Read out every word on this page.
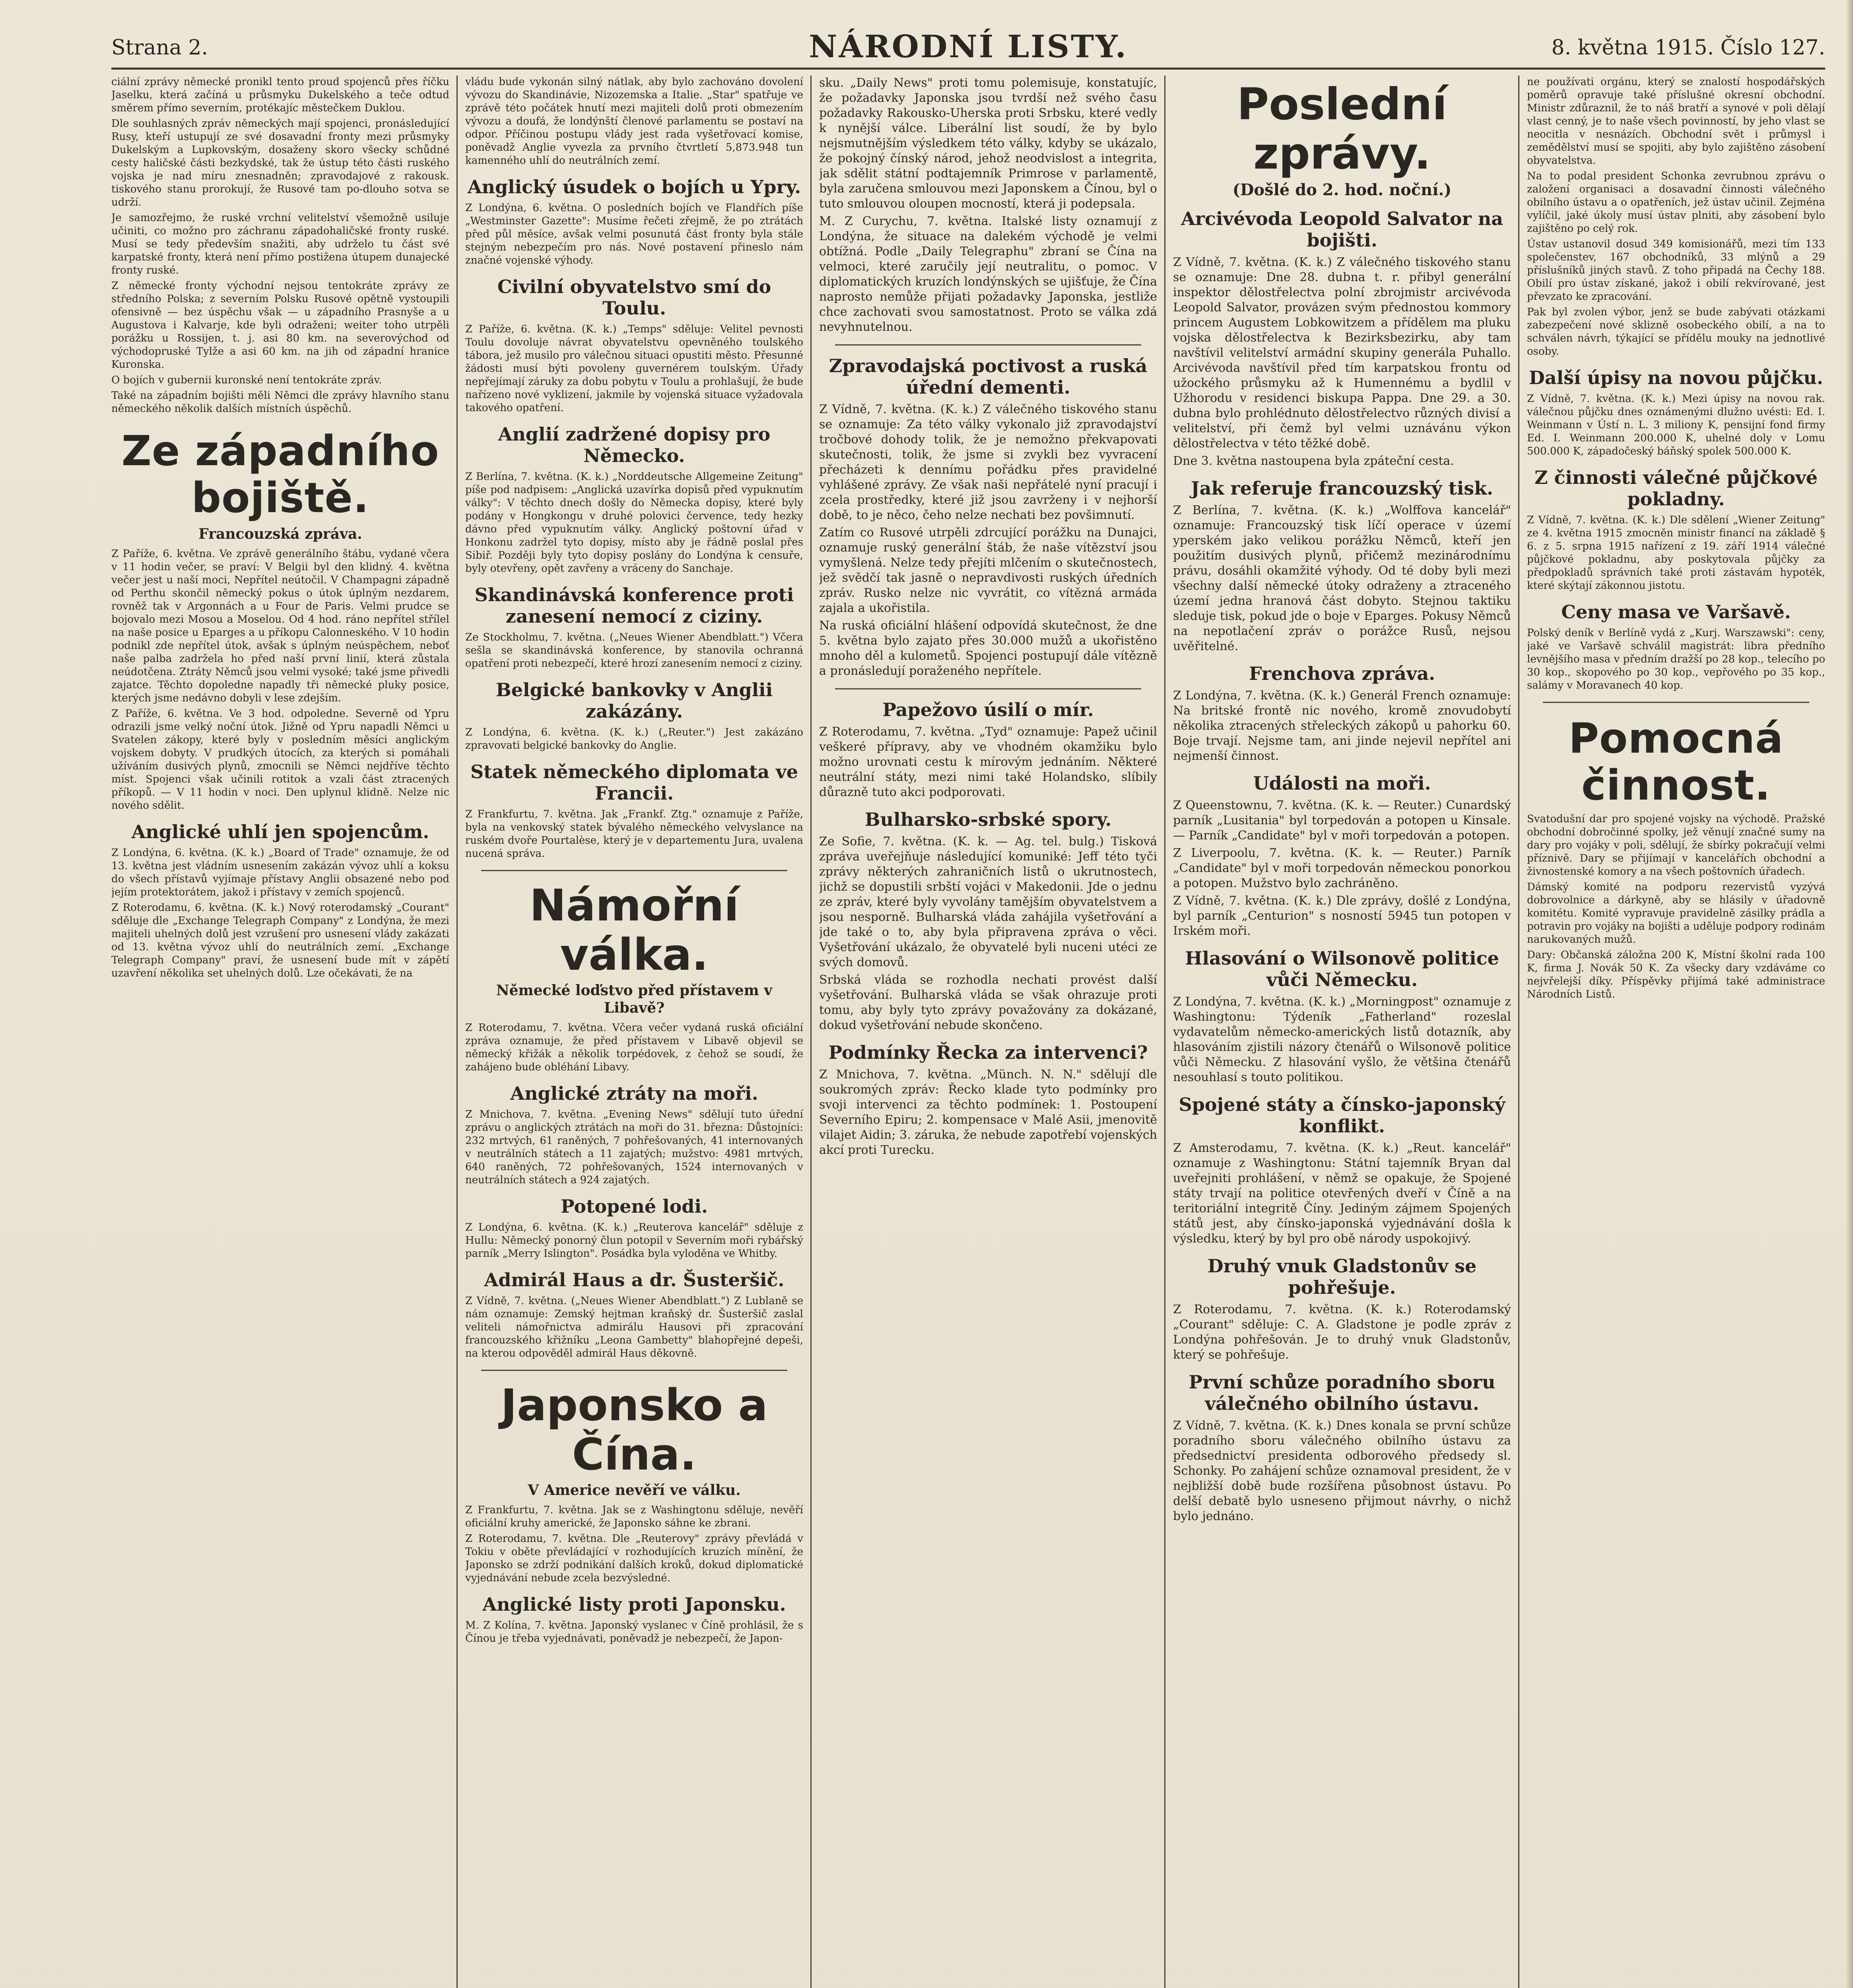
Strana 2.	NÁRODNÍ LISTY.	8. května 1915. Číslo 127.

ciální zprávy německé pronikl tento proud spojenců přes říčku Jaselku, která začíná u průsmyku Dukelského a teče odtud směrem přímo severním, protékajíc městečkem Duklou.

Dle souhlasných zpráv německých mají spojenci, pronásledující Rusy, kteří ustupují ze své dosavadní fronty mezi průsmyky Dukelským a Lupkovským, dosaženy skoro všecky schůdné cesty haličské části bezkydské, tak že ústup této části ruského vojska je nad míru znesnadněn; zpravodajové z rakousk. tiskového stanu prorokují, že Rusové tam po-dlouho sotva se udrží.

Je samozřejmo, že ruské vrchní velitelství všemožně usiluje učiniti, co možno pro záchranu západohaličské fronty ruské. Musí se tedy především snažiti, aby udrželo tu část své karpatské fronty, která není přímo postižena útupem dunajecké fronty ruské.

Z německé fronty východní nejsou tentokráte zprávy ze středního Polska; z severním Polsku Rusové opětně vystoupili ofensivně — bez úspěchu však — u západního Prasnyše a u Augustova i Kalvarje, kde byli odraženi; weiter toho utrpěli porážku u Rossijen, t. j. asi 80 km. na severovýchod od východopruské Tylže a asi 60 km. na jih od západní hranice Kuronska.

O bojích v gubernii kuronské není tentokráte zpráv.

Také na západním bojišti měli Němci dle zprávy hlavního stanu německého několik dalších místních úspěchů.

Ze západního bojiště.
Francouzská zpráva.

Z Paříže, 6. května. Ve zprávě generálního štábu, vydané včera v 11 hodin večer, se praví: V Belgii byl den klidný. 4. května večer jest u naší moci, Nepřítel neútočil. V Champagni západně od Perthu skončil německý pokus o útok úplným nezdarem, rovněž tak v Argonnách a u Four de Paris. Velmi prudce se bojovalo mezi Mosou a Moselou. Od 4 hod. ráno nepřítel střílel na naše posice u Eparges a u příkopu Calonneského. V 10 hodin podnikl zde nepřítel útok, avšak s úplným neúspěchem, neboť naše palba zadržela ho před naší první linií, která zůstala neúdotčena. Ztráty Němců jsou velmi vysoké; také jsme přivedli zajatce. Těchto dopoledne napadly tři německé pluky posice, kterých jsme nedávno dobyli v lese zdejším.

Z Paříže, 6. května. Ve 3 hod. odpoledne. Severně od Ypru odrazili jsme velký noční útok. Jižně od Ypru napadli Němci u Svatelen zákopy, které byly v posledním měsíci anglickým vojskem dobyty. V prudkých útocích, za kterých si pomáhali užíváním dusivých plynů, zmocnili se Němci nejdříve těchto míst. Spojenci však učinili rotitok a vzali část ztracených příkopů. — V 11 hodin v noci. Den uplynul klidně. Nelze nic nového sdělit.

Anglické uhlí jen spojencům.

Z Londýna, 6. května. (K. k.) „Board of Trade" oznamuje, že od 13. května jest vládním usnesením zakázán vývoz uhlí a koksu do všech přístavů vyjímaje přístavy Anglii obsazené nebo pod jejím protektorátem, jakož i přístavy v zemích spojenců.

Z Roterodamu, 6. května. (K. k.) Nový roterodamský „Courant" sděluje dle „Exchange Telegraph Company" z Londýna, že mezi majiteli uhelných dolů jest vzrušení pro usnesení vlády zakázati od 13. května vývoz uhlí do neutrálních zemí. „Exchange Telegraph Company" praví, že usnesení bude mít v zápětí uzavření několika set uhelných dolů. Lze očekávati, že na

vládu bude vykonán silný nátlak, aby bylo zachováno dovolení vývozu do Skandinávie, Nizozemska a Italie. „Star" spatřuje ve zprávě této počátek hnutí mezi majiteli dolů proti obmezením vývozu a doufá, že londýnští členové parlamentu se postaví na odpor. Příčinou postupu vlády jest rada vyšetřovací komise, poněvadž Anglie vyvezla za prvního čtvrtletí 5,873.948 tun kamenného uhlí do neutrálních zemí.

Anglický úsudek o bojích u Ypry.

Z Londýna, 6. května. O posledních bojích ve Flandřích píše „Westminster Gazette": Musíme řečeti zřejmě, že po ztrátách před půl měsíce, avšak velmi posunutá část fronty byla stále stejným nebezpečím pro nás. Nové postavení přineslo nám značné vojenské výhody.

Civilní obyvatelstvo smí do Toulu.

Z Paříže, 6. května. (K. k.) „Temps" sděluje: Velitel pevnosti Toulu dovoluje návrat obyvatelstvu opevněného toulského tábora, jež musilo pro válečnou situaci opustiti město. Přesunné žádosti musí býti povoleny guvernérem toulským. Úřady nepřejímají záruky za dobu pobytu v Toulu a prohlašují, že bude nařízeno nové vyklizení, jakmile by vojenská situace vyžadovala takového opatření.

Anglií zadržené dopisy pro Německo.

Z Berlína, 7. května. (K. k.) „Norddeutsche Allgemeine Zeitung" píše pod nadpisem: „Anglická uzavírka dopisů před vypuknutím války": V těchto dnech došly do Německa dopisy, které byly podány v Hongkongu v druhé polovici července, tedy hezky dávno před vypuknutím války. Anglický poštovní úřad v Honkonu zadržel tyto dopisy, místo aby je řádně poslal přes Sibiř. Později byly tyto dopisy poslány do Londýna k censuře, byly otevřeny, opět zavřeny a vráceny do Sanchaje.

Skandinávská konference proti zanesení nemocí z ciziny.

Ze Stockholmu, 7. května. („Neues Wiener Abendblatt.") Včera sešla se skandinávská konference, by stanovila ochranná opatření proti nebezpečí, které hrozí zanesením nemocí z ciziny.

Belgické bankovky v Anglii zakázány.

Z Londýna, 6. května. (K. k.) („Reuter.") Jest zakázáno zpravovati belgické bankovky do Anglie.

Statek německého diplomata ve Francii.

Z Frankfurtu, 7. května. Jak „Frankf. Ztg." oznamuje z Paříže, byla na venkovský statek bývalého německého velvyslance na ruském dvoře Pourtalèse, který je v departementu Jura, uvalena nucená správa.

Námořní válka.
Německé loďstvo před přístavem v Libavě?

Z Roterodamu, 7. května. Včera večer vydaná ruská oficiální zpráva oznamuje, že před přístavem v Libavě objevil se německý křižák a několik torpédovek, z čehož se soudí, že zahájeno bude obléhání Libavy.

Anglické ztráty na moři.

Z Mnichova, 7. května. „Evening News" sdělují tuto úřední zprávu o anglických ztrátách na moři do 31. března: Důstojníci: 232 mrtvých, 61 raněných, 7 pohřešovaných, 41 internovaných v neutrálních státech a 11 zajatých; mužstvo: 4981 mrtvých, 640 raněných, 72 pohřešovaných, 1524 internovaných v neutrálních státech a 924 zajatých.

Potopené lodi.

Z Londýna, 6. května. (K. k.) „Reuterova kancelář" sděluje z Hullu: Německý ponorný člun potopil v Severním moři rybářský parník „Merry Islington". Posádka byla vyloděna ve Whitby.

Admirál Haus a dr. Šusteršič.

Z Vídně, 7. května. („Neues Wiener Abendblatt.") Z Lublaně se nám oznamuje: Zemský hejtman kraňský dr. Šusteršič zaslal veliteli námořnictva admirálu Hausovi při zpracování francouzského křižníku „Leona Gambetty" blahopřejné depeši, na kterou odpověděl admirál Haus děkovně.

Japonsko a Čína.
V Americe nevěří ve válku.

Z Frankfurtu, 7. května. Jak se z Washingtonu sděluje, nevěří oficiální kruhy americké, že Japonsko sáhne ke zbrani.

Z Roterodamu, 7. května. Dle „Reuterovy" zprávy převládá v Tokiu v oběte převládající v rozhodujících kruzích mínění, že Japonsko se zdrží podnikání dalších kroků, dokud diplomatické vyjednávání nebude zcela bezvýsledné.

Anglické listy proti Japonsku.

M. Z Kolína, 7. května. Japonský vyslanec v Číně prohlásil, že s Čínou je třeba vyjednávati, poněvadž je nebezpečí, že Japon-

sku. „Daily News" proti tomu polemisuje, konstatujíc, že požadavky Japonska jsou tvrdší než svého času požadavky Rakousko-Uherska proti Srbsku, které vedly k nynější válce. Liberální list soudí, že by bylo nejsmutnějším výsledkem této války, kdyby se ukázalo, že pokojný čínský národ, jehož neodvislost a integrita, jak sdělit státní podtajemník Primrose v parlamentě, byla zaručena smlouvou mezi Japonskem a Čínou, byl o tuto smlouvou oloupen mocností, která ji podepsala.

M. Z Curychu, 7. května. Italské listy oznamují z Londýna, že situace na dalekém východě je velmi obtížná. Podle „Daily Telegraphu" zbraní se Čína na velmoci, které zaručily její neutralitu, o pomoc. V diplomatických kruzích londýnských se ujišťuje, že Čína naprosto nemůže přijati požadavky Japonska, jestliže chce zachovati svou samostatnost. Proto se válka zdá nevyhnutelnou.

Zpravodajská poctivost a ruská úřední dementi.

Z Vídně, 7. května. (K. k.) Z válečného tiskového stanu se oznamuje: Za této války vykonalo již zpravodajství tročbové dohody tolik, že je nemožno překvapovati skutečnosti, tolik, že jsme si zvykli bez vyvracení přecházeti k dennímu pořádku přes pravidelné vyhlášené zprávy. Ze však naši nepřátelé nyní pracují i zcela prostředky, které již jsou zavrženy i v nejhorší době, to je něco, čeho nelze nechati bez povšimnutí.

Zatím co Rusové utrpěli zdrcující porážku na Dunajci, oznamuje ruský generální štáb, že naše vítězství jsou vymyšlená. Nelze tedy přejíti mlčením o skutečnostech, jež svědčí tak jasně o nepravdivosti ruských úředních zpráv. Rusko nelze nic vyvrátit, co vítězná armáda zajala a ukořistila.

Na ruská oficiální hlášení odpovídá skutečnost, že dne 5. května bylo zajato přes 30.000 mužů a ukořistěno mnoho děl a kulometů. Spojenci postupují dále vítězně a pronásledují poraženého nepřítele.

Papežovo úsilí o mír.

Z Roterodamu, 7. května. „Tyd" oznamuje: Papež učinil veškeré přípravy, aby ve vhodném okamžiku bylo možno urovnati cestu k mírovým jednáním. Některé neutrální státy, mezi nimi také Holandsko, slíbily důrazně tuto akci podporovati.

Bulharsko-srbské spory.

Ze Sofie, 7. května. (K. k. — Ag. tel. bulg.) Tisková zpráva uveřejňuje následující komuniké: Jeff této tyči zprávy některých zahraničních listů o ukrutnostech, jichž se dopustili srbští vojáci v Makedonii. Jde o jednu ze zpráv, které byly vyvolány tamějším obyvatelstvem a jsou nesporně. Bulharská vláda zahájila vyšetřování a jde také o to, aby byla připravena zpráva o věci. Vyšetřování ukázalo, že obyvatelé byli nuceni utéci ze svých domovů.

Srbská vláda se rozhodla nechati provést další vyšetřování. Bulharská vláda se však ohrazuje proti tomu, aby byly tyto zprávy považovány za dokázané, dokud vyšetřování nebude skončeno.

Podmínky Řecka za intervenci?

Z Mnichova, 7. května. „Münch. N. N." sdělují dle soukromých zpráv: Řecko klade tyto podmínky pro svoji intervenci za těchto podmínek: 1. Postoupení Severního Epiru; 2. kompensace v Malé Asii, jmenovitě vilajet Aidin; 3. záruka, že nebude zapotřebí vojenských akcí proti Turecku.

Poslední zprávy.
(Došlé do 2. hod. noční.)
Arcivévoda Leopold Salvator na bojišti.

Z Vídně, 7. května. (K. k.) Z válečného tiskového stanu se oznamuje: Dne 28. dubna t. r. přibyl generální inspektor dělostřelectva polní zbrojmistr arcivévoda Leopold Salvator, provázen svým přednostou kommory princem Augustem Lobkowitzem a přídělem ma pluku vojska dělostřelectva k Bezirksbezirku, aby tam navštívil velitelství armádní skupiny generála Puhallo. Arcivévoda navštívil před tím karpatskou frontu od užockého průsmyku až k Humennému a bydlil v Užhorodu v residenci biskupa Pappa. Dne 29. a 30. dubna bylo prohlédnuto dělostřelectvo různých divisí a velitelství, při čemž byl velmi uznávánu výkon dělostřelectva v této těžké době.

Dne 3. května nastoupena byla zpáteční cesta.

Jak referuje francouzský tisk.

Z Berlína, 7. května. (K. k.) „Wolffova kancelář" oznamuje: Francouzský tisk líčí operace v území yperském jako velikou porážku Němců, kteří jen použitím dusivých plynů, přičemž mezinárodnímu právu, dosáhli okamžité výhody. Od té doby byli mezi všechny další německé útoky odraženy a ztraceného území jedna hranová část dobyto. Stejnou taktiku sleduje tisk, pokud jde o boje v Eparges. Pokusy Němců na nepotlačení zpráv o porážce Rusů, nejsou uvěřitelné.

Frenchova zpráva.

Z Londýna, 7. května. (K. k.) Generál French oznamuje: Na britské frontě nic nového, kromě znovudobytí několika ztracených střeleckých zákopů u pahorku 60. Boje trvají. Nejsme tam, ani jinde nejevil nepřítel ani nejmenší činnost.

Události na moři.

Z Queenstownu, 7. května. (K. k. — Reuter.) Cunardský parník „Lusitania" byl torpedován a potopen u Kinsale. — Parník „Candidate" byl v moři torpedován a potopen.

Z Liverpoolu, 7. května. (K. k. — Reuter.) Parník „Candidate" byl v moři torpedován německou ponorkou a potopen. Mužstvo bylo zachráněno.

Z Vídně, 7. května. (K. k.) Dle zprávy, došlé z Londýna, byl parník „Centurion" s nosností 5945 tun potopen v Irském moři.

Hlasování o Wilsonově politice vůči Německu.

Z Londýna, 7. května. (K. k.) „Morningpost" oznamuje z Washingtonu: Týdeník „Fatherland" rozeslal vydavatelům německo-amerických listů dotazník, aby hlasováním zjistili názory čtenářů o Wilsonově politice vůči Německu. Z hlasování vyšlo, že většina čtenářů nesouhlasí s touto politikou.

Spojené státy a čínsko-japonský konflikt.

Z Amsterodamu, 7. května. (K. k.) „Reut. kancelář" oznamuje z Washingtonu: Státní tajemník Bryan dal uveřejniti prohlášení, v němž se opakuje, že Spojené státy trvají na politice otevřených dveří v Číně a na teritoriální integritě Číny. Jediným zájmem Spojených států jest, aby čínsko-japonská vyjednávání došla k výsledku, který by byl pro obě národy uspokojivý.

Druhý vnuk Gladstonův se pohřešuje.

Z Roterodamu, 7. května. (K. k.) Roterodamský „Courant" sděluje: C. A. Gladstone je podle zpráv z Londýna pohřešován. Je to druhý vnuk Gladstonův, který se pohřešuje.

První schůze poradního sboru válečného obilního ústavu.

Z Vídně, 7. května. (K. k.) Dnes konala se první schůze poradního sboru válečného obilního ústavu za předsednictví presidenta odborového předsedy sl. Schonky. Po zahájení schůze oznamoval president, že v nejbližší době bude rozšířena působnost ústavu. Po delší debatě bylo usneseno přijmout návrhy, o nichž bylo jednáno.

ne používati orgánu, který se znalostí hospodářských poměrů opravuje také příslušné okresní obchodní. Ministr zdůraznil, že to náš bratří a synové v poli dělají vlast cenný, je to naše všech povinností, by jeho vlast se neocitla v nesnázích. Obchodní svět i průmysl i zemědělství musí se spojiti, aby bylo zajištěno zásobení obyvatelstva.

Na to podal president Schonka zevrubnou zprávu o založení organisaci a dosavadní činnosti válečného obilního ústavu a o opatřeních, jež ústav učinil. Zejména vylíčil, jaké úkoly musí ústav plniti, aby zásobení bylo zajištěno po celý rok.

Ústav ustanovil dosud 349 komisionářů, mezi tím 133 společenstev, 167 obchodníků, 33 mlýnů a 29 příslušníků jiných stavů. Z toho připadá na Čechy 188. Obilí pro ústav získané, jakož i obilí rekvírované, jest převzato ke zpracování.

Pak byl zvolen výbor, jenž se bude zabývati otázkami zabezpečení nové sklizně osobeckého obilí, a na to schválen návrh, týkající se přídělu mouky na jednotlivé osoby.

Další úpisy na novou půjčku.

Z Vídně, 7. května. (K. k.) Mezi úpisy na novou rak. válečnou půjčku dnes oznámenými dlužno uvésti: Ed. I. Weinmann v Ústí n. L. 3 miliony K, pensijní fond firmy Ed. I. Weinmann 200.000 K, uhelné doly v Lomu 500.000 K, západočeský báňský spolek 500.000 K.

Z činnosti válečné půjčkové pokladny.

Z Vídně, 7. května. (K. k.) Dle sdělení „Wiener Zeitung" ze 4. května 1915 zmocněn ministr financí na základě § 6. z 5. srpna 1915 nařízení z 19. září 1914 válečné půjčkové pokladnu, aby poskytovala půjčky za předpokladů správních také proti zástavám hypoték, které skýtají zákonnou jistotu.

Ceny masa ve Varšavě.

Polský deník v Berlíně vydá z „Kurj. Warszawski": ceny, jaké ve Varšavě schválil magistrát: libra předního levnějšího masa v předním dražší po 28 kop., telecího po 30 kop., skopového po 30 kop., vepřového po 35 kop., salámy v Moravanech 40 kop.

Pomocná činnost.

Svatodušní dar pro spojené vojsky na východě. Pražské obchodní dobročinné spolky, jež věnují značné sumy na dary pro vojáky v poli, sdělují, že sbírky pokračují velmi příznivě. Dary se přijímají v kancelářích obchodní a živnostenské komory a na všech poštovních úřadech.

Dámský komité na podporu rezervistů vyzývá dobrovolnice a dárkyně, aby se hlásily v úřadovně komitétu. Komité vypravuje pravidelně zásilky prádla a potravin pro vojáky na bojišti a uděluje podpory rodinám narukovaných mužů.

Dary: Občanská záložna 200 K, Místní školní rada 100 K, firma J. Novák 50 K. Za všecky dary vzdáváme co nejvřelejší díky. Příspěvky přijímá také administrace Národních Listů.
